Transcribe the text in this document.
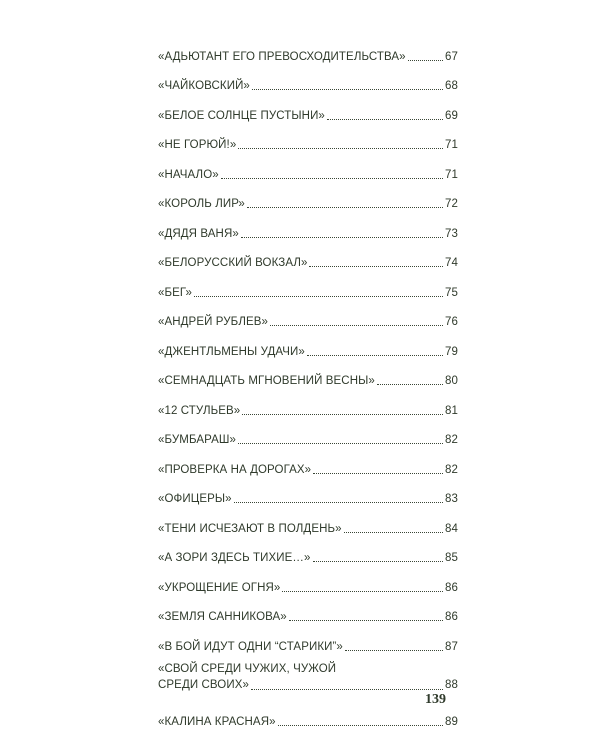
«АДЬЮТАНТ ЕГО ПРЕВОСХОДИТЕЛЬСТВА»	67
«ЧАЙКОВСКИЙ»	68
«БЕЛОЕ СОЛНЦЕ ПУСТЫНИ»	69
«НЕ ГОРЮЙ!»	71
«НАЧАЛО»	71
«КОРОЛЬ ЛИР»	72
«ДЯДЯ ВАНЯ»	73
«БЕЛОРУССКИЙ ВОКЗАЛ»	74
«БЕГ»	75
«АНДРЕЙ РУБЛЕВ»	76
«ДЖЕНТЛЬМЕНЫ УДАЧИ»	79
«СЕМНАДЦАТЬ МГНОВЕНИЙ ВЕСНЫ»	80
«12 СТУЛЬЕВ»	81
«БУМБАРАШ»	82
«ПРОВЕРКА НА ДОРОГАХ»	82
«ОФИЦЕРЫ»	83
«ТЕНИ ИСЧЕЗАЮТ В ПОЛДЕНЬ»	84
«А ЗОРИ ЗДЕСЬ ТИХИЕ…»	85
«УКРОЩЕНИЕ ОГНЯ»	86
«ЗЕМЛЯ САННИКОВА»	86
«В БОЙ ИДУТ ОДНИ “СТАРИКИ”»	87
«СВОЙ СРЕДИ ЧУЖИХ, ЧУЖОЙ
СРЕДИ СВОИХ»	88
«КАЛИНА КРАСНАЯ»	89
139
